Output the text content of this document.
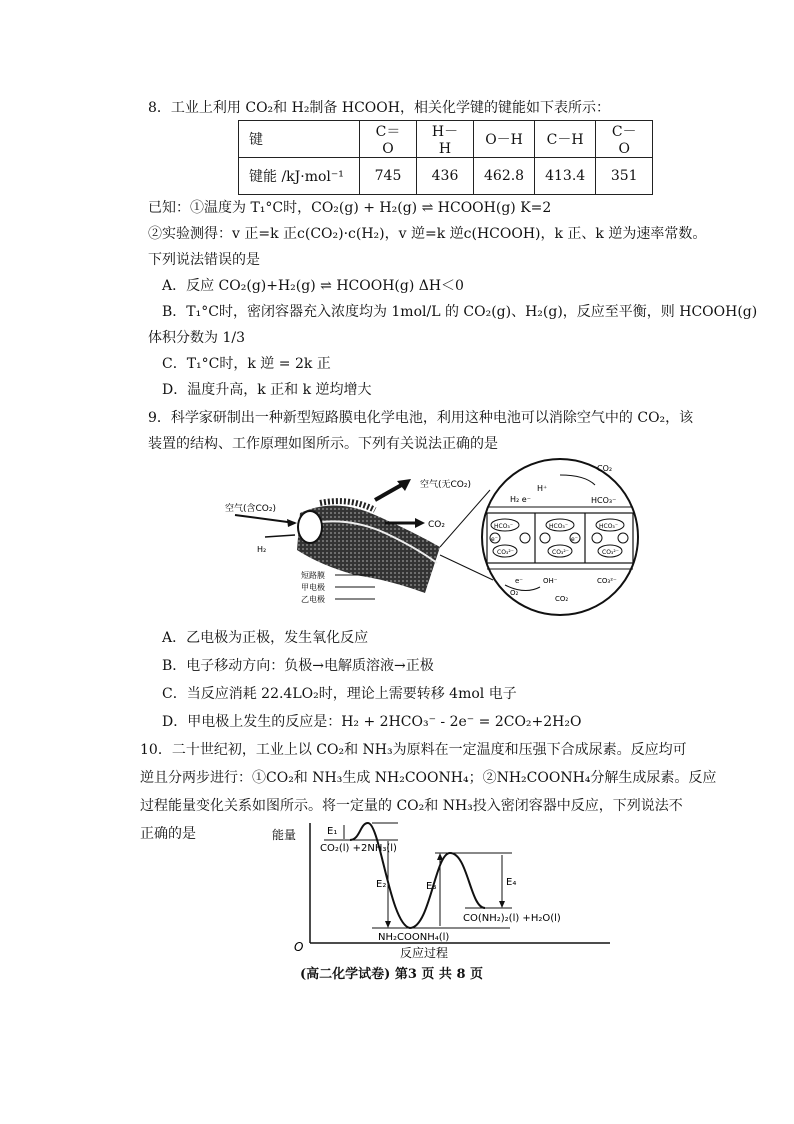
8．工业上利用 CO₂和 H₂制备 HCOOH，相关化学键的键能如下表所示：
键	C＝O	H－H	O－H	C－H	C－O
键能 /kJ·mol⁻¹	745	436	462.8	413.4	351
已知：①温度为 T₁°C时，CO₂(g) + H₂(g) ⇌ HCOOH(g) K=2
②实验测得：v 正=k 正c(CO₂)·c(H₂)，v 逆=k 逆c(HCOOH)，k 正、k 逆为速率常数。
下列说法错误的是
A．反应 CO₂(g)+H₂(g) ⇌ HCOOH(g) ΔH＜0
B．T₁°C时，密闭容器充入浓度均为 1mol/L 的 CO₂(g)、H₂(g)，反应至平衡，则 HCOOH(g)
体积分数为 1/3
C．T₁°C时，k 逆 = 2k 正
D．温度升高，k 正和 k 逆均增大
9．科学家研制出一种新型短路膜电化学电池，利用这种电池可以消除空气中的 CO₂，该
装置的结构、工作原理如图所示。下列有关说法正确的是
空气(含CO₂)
空气(无CO₂)
CO₂
H₂
短路膜
甲电极
乙电极
CO₂
H₂ e⁻
H⁺
HCO₃⁻
HCO₃⁻	HCO₃⁻	HCO₃⁻
e⁻	e⁻
CO₃²⁻	CO₃²⁻	CO₃²⁻
e⁻	OH⁻	CO₃²⁻
O₂
CO₂
A．乙电极为正极，发生氧化反应
B．电子移动方向：负极→电解质溶液→正极
C．当反应消耗 22.4LO₂时，理论上需要转移 4mol 电子
D．甲电极上发生的反应是：H₂ + 2HCO₃⁻ - 2e⁻ = 2CO₂+2H₂O
10．二十世纪初，工业上以 CO₂和 NH₃为原料在一定温度和压强下合成尿素。反应均可
逆且分两步进行：①CO₂和 NH₃生成 NH₂COONH₄；②NH₂COONH₄分解生成尿素。反应
过程能量变化关系如图所示。将一定量的 CO₂和 NH₃投入密闭容器中反应，下列说法不
正确的是	能量
O	反应过程
CO₂(l) +2NH₃(l)
NH₂COONH₄(l)
CO(NH₂)₂(l) +H₂O(l)
E₁
E₂	E₃	E₄
(高二化学试卷) 第3 页 共 8 页
